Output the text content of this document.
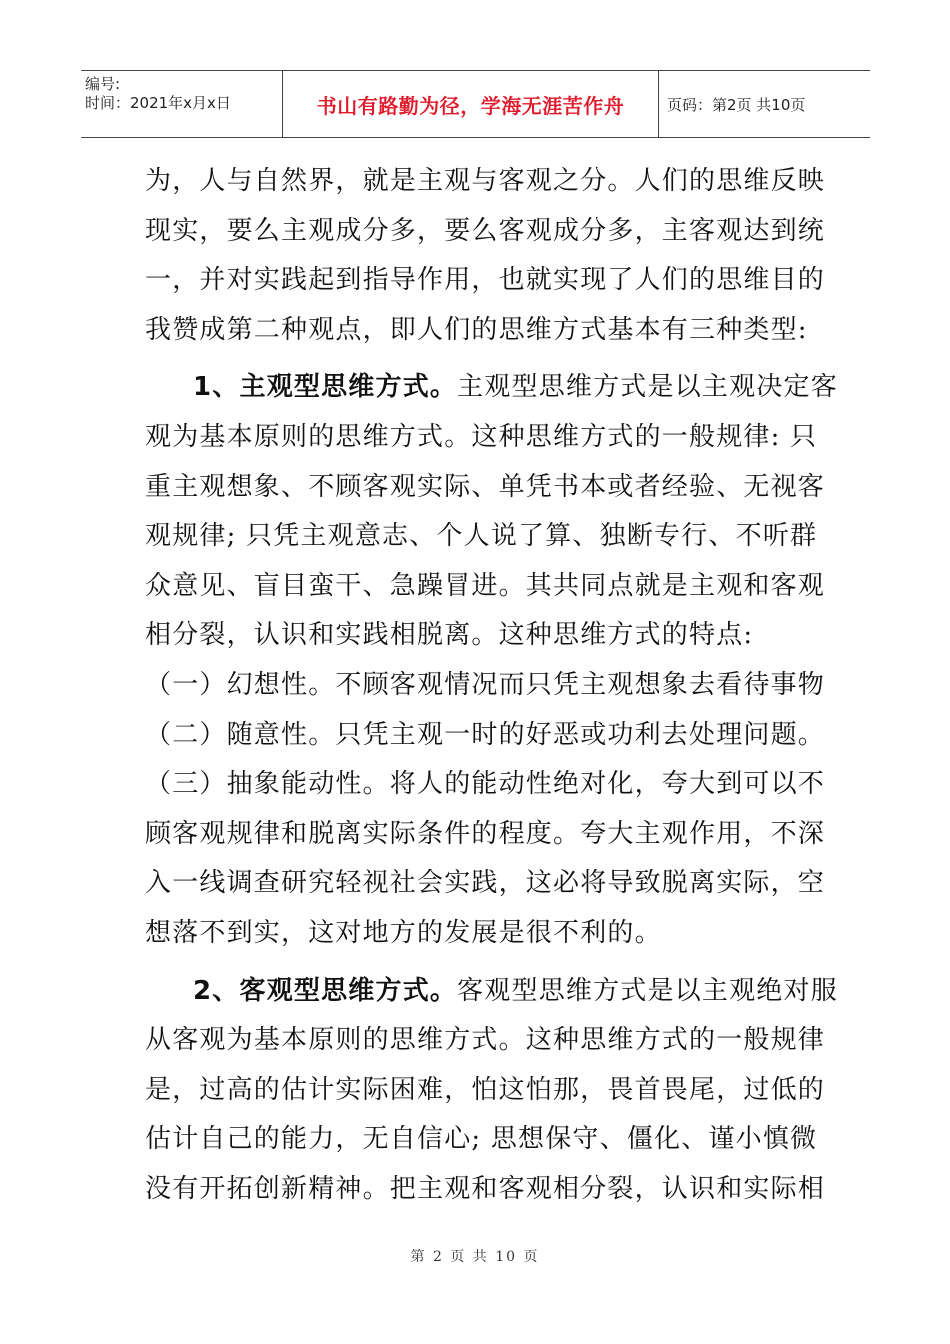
编号:
时间：2021年x月x日	书山有路勤为径，学海无涯苦作舟	页码：第2页 共10页
为，人与自然界，就是主观与客观之分。人们的思维反映
现实，要么主观成分多，要么客观成分多，主客观达到统
一，并对实践起到指导作用，也就实现了人们的思维目的
我赞成第二种观点，即人们的思维方式基本有三种类型:
1、主观型思维方式。主观型思维方式是以主观决定客
观为基本原则的思维方式。这种思维方式的一般规律: 只
重主观想象、不顾客观实际、单凭书本或者经验、无视客
观规律; 只凭主观意志、个人说了算、独断专行、不听群
众意见、盲目蛮干、急躁冒进。其共同点就是主观和客观
相分裂，认识和实践相脱离。这种思维方式的特点:
（一）幻想性。不顾客观情况而只凭主观想象去看待事物
（二）随意性。只凭主观一时的好恶或功利去处理问题。
（三）抽象能动性。将人的能动性绝对化，夸大到可以不
顾客观规律和脱离实际条件的程度。夸大主观作用，不深
入一线调查研究轻视社会实践，这必将导致脱离实际，空
想落不到实，这对地方的发展是很不利的。
2、客观型思维方式。客观型思维方式是以主观绝对服
从客观为基本原则的思维方式。这种思维方式的一般规律
是，过高的估计实际困难，怕这怕那，畏首畏尾，过低的
估计自己的能力，无自信心; 思想保守、僵化、谨小慎微
没有开拓创新精神。把主观和客观相分裂，认识和实际相
第 2 页 共 10 页
